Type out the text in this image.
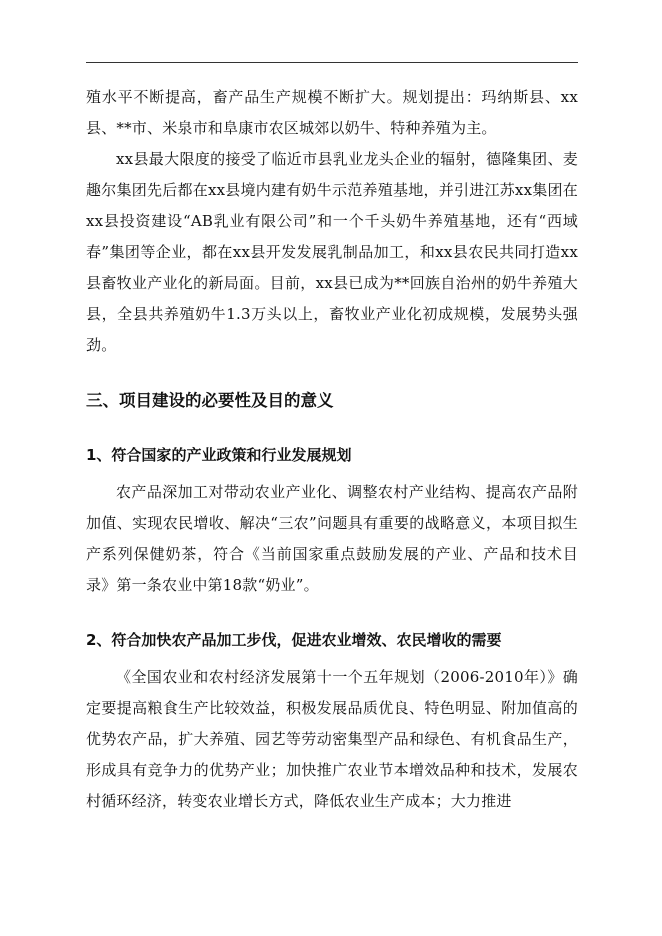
殖水平不断提高，畜产品生产规模不断扩大。规划提出：玛纳斯县、xx县、**市、米泉市和阜康市农区城郊以奶牛、特种养殖为主。

xx县最大限度的接受了临近市县乳业龙头企业的辐射，德隆集团、麦趣尔集团先后都在xx县境内建有奶牛示范养殖基地，并引进江苏xx集团在xx县投资建设“AB乳业有限公司”和一个千头奶牛养殖基地，还有“西域春”集团等企业，都在xx县开发发展乳制品加工，和xx县农民共同打造xx县畜牧业产业化的新局面。目前，xx县已成为**回族自治州的奶牛养殖大县，全县共养殖奶牛1.3万头以上，畜牧业产业化初成规模，发展势头强劲。

三、项目建设的必要性及目的意义
1、符合国家的产业政策和行业发展规划

农产品深加工对带动农业产业化、调整农村产业结构、提高农产品附加值、实现农民增收、解决“三农”问题具有重要的战略意义，本项目拟生产系列保健奶茶，符合《当前国家重点鼓励发展的产业、产品和技术目录》第一条农业中第18款“奶业”。

2、符合加快农产品加工步伐，促进农业增效、农民增收的需要

《全国农业和农村经济发展第十一个五年规划（2006-2010年）》确定要提高粮食生产比较效益，积极发展品质优良、特色明显、附加值高的优势农产品，扩大养殖、园艺等劳动密集型产品和绿色、有机食品生产，形成具有竞争力的优势产业；加快推广农业节本增效品种和技术，发展农村循环经济，转变农业增长方式，降低农业生产成本；大力推进
